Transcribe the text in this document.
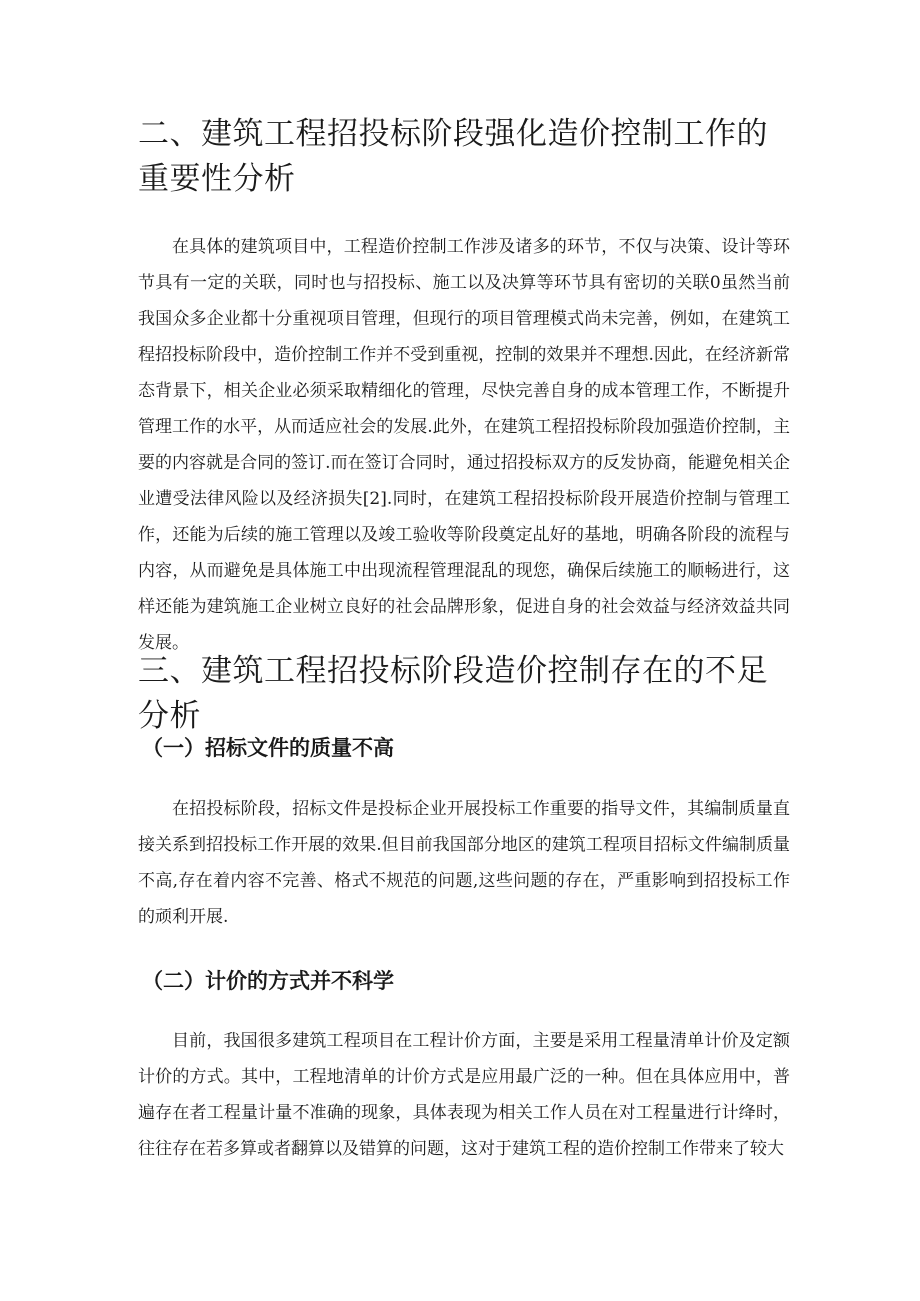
二、建筑工程招投标阶段强化造价控制工作的重要性分析

在具体的建筑项目中，工程造价控制工作涉及诸多的环节，不仅与决策、设计等环节具有一定的关联，同时也与招投标、施工以及决算等环节具有密切的关联0虽然当前我国众多企业都十分重视项目管理，但现行的项目管理模式尚未完善，例如，在建筑工程招投标阶段中，造价控制工作并不受到重视，控制的效果并不理想.因此，在经济新常态背景下，相关企业必须采取精细化的管理，尽快完善自身的成本管理工作，不断提升管理工作的水平，从而适应社会的发展.此外，在建筑工程招投标阶段加强造价控制，主要的内容就是合同的签订.而在签订合同时，通过招投标双方的反发协商，能避免相关企业遭受法律风险以及经济损失[2].同时，在建筑工程招投标阶段开展造价控制与管理工作，还能为后续的施工管理以及竣工验收等阶段奠定乩好的基地，明确各阶段的流程与内容，从而避免是具体施工中出现流程管理混乱的现您，确保后续施工的顺畅进行，这样还能为建筑施工企业树立良好的社会品牌形象，促进自身的社会效益与经济效益共同发展。

三、建筑工程招投标阶段造价控制存在的不足分析
（一）招标文件的质量不高

在招投标阶段，招标文件是投标企业开展投标工作重要的指导文件，其编制质量直接关系到招投标工作开展的效果.但目前我国部分地区的建筑工程项目招标文件编制质量不高,存在着内容不完善、格式不规范的问题,这些问题的存在，严重影响到招投标工作的顽利开展.

（二）计价的方式并不科学

目前，我国很多建筑工程项目在工程计价方面，主要是采用工程量清单计价及定额计价的方式。其中，工程地清单的计价方式是应用最广泛的一种。但在具体应用中，普遍存在者工程量计量不准确的现象，具体表现为相关工作人员在对工程量进行计绛时，往往存在若多算或者翻算以及错算的问题，这对于建筑工程的造价控制工作带来了较大
